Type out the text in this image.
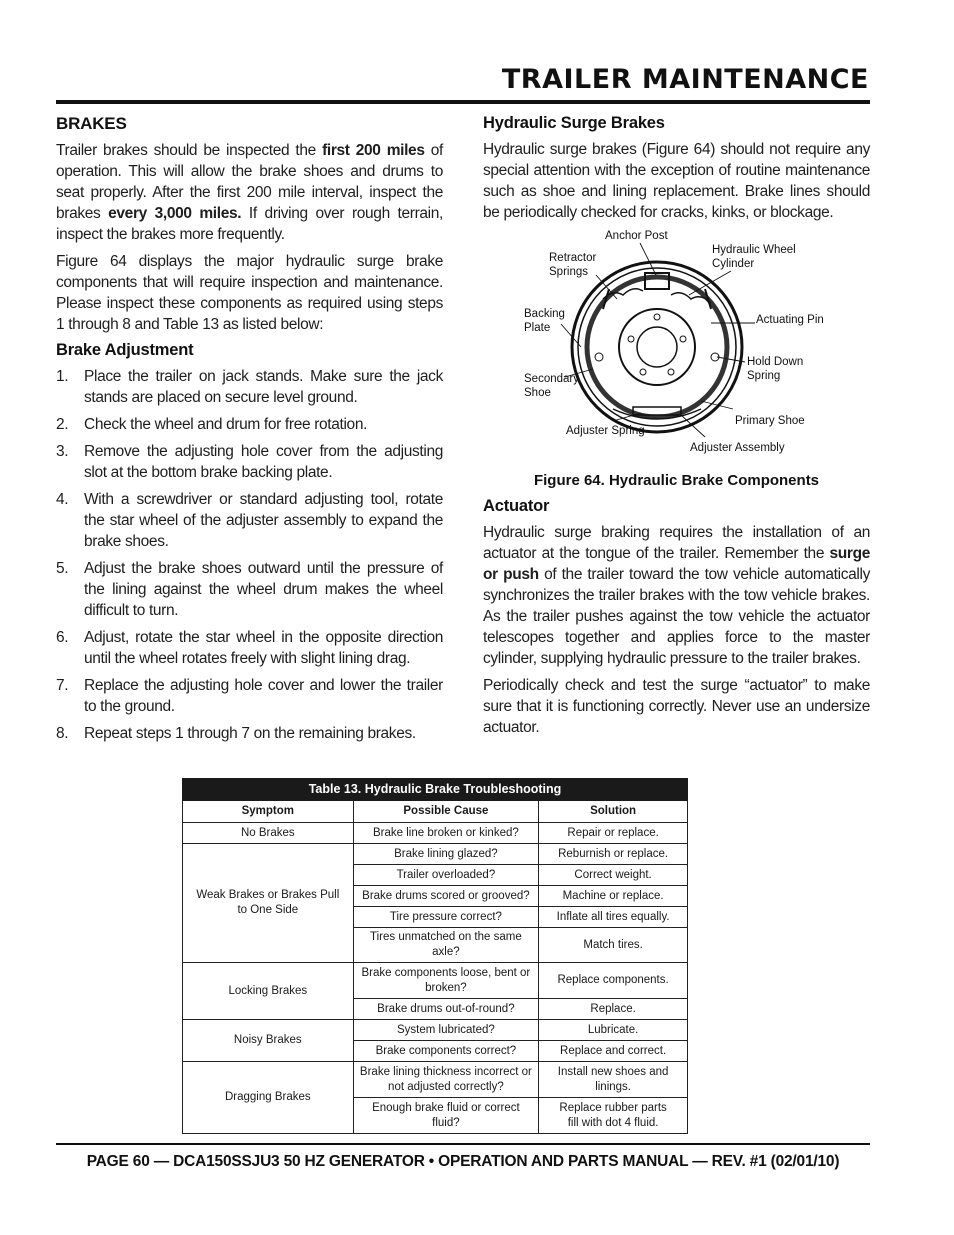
TRAILER MAINTENANCE
BRAKES

Trailer brakes should be inspected the first 200 miles of operation. This will allow the brake shoes and drums to seat properly. After the first 200 mile interval, inspect the brakes every 3,000 miles. If driving over rough terrain, inspect the brakes more frequently.

Figure 64 displays the major hydraulic surge brake components that will require inspection and maintenance. Please inspect these components as required using steps 1 through 8 and Table 13 as listed below:

Brake Adjustment
1.	Place the trailer on jack stands. Make sure the jack stands are placed on secure level ground.
2.	Check the wheel and drum for free rotation.
3.	Remove the adjusting hole cover from the adjusting slot at the bottom brake backing plate.
4.	With a screwdriver or standard adjusting tool, rotate the star wheel of the adjuster assembly to expand the brake shoes.
5.	Adjust the brake shoes outward until the pressure of the lining against the wheel drum makes the wheel difficult to turn.
6.	Adjust, rotate the star wheel in the opposite direction until the wheel rotates freely with slight lining drag.
7.	Replace the adjusting hole cover and lower the trailer to the ground.
8.	Repeat steps 1 through 7 on the remaining brakes.
Hydraulic Surge Brakes

Hydraulic surge brakes (Figure 64) should not require any special attention with the exception of routine maintenance such as shoe and lining replacement. Brake lines should be periodically checked for cracks, kinks, or blockage.

Anchor Post
Retractor
Springs
Hydraulic Wheel
Cylinder
Backing
Plate
Actuating Pin
Hold Down
Spring
Secondary
Shoe
Primary Shoe
Adjuster Spring
Adjuster Assembly
Figure 64. Hydraulic Brake Components
Actuator

Hydraulic surge braking requires the installation of an actuator at the tongue of the trailer. Remember the surge or push of the trailer toward the tow vehicle automatically synchronizes the trailer brakes with the tow vehicle brakes. As the trailer pushes against the tow vehicle the actuator telescopes together and applies force to the master cylinder, supplying hydraulic pressure to the trailer brakes.

Periodically check and test the surge “actuator” to make sure that it is functioning correctly. Never use an undersize actuator.

Table 13. Hydraulic Brake Troubleshooting		
Symptom	Possible Cause	Solution
No Brakes	Brake line broken or kinked?	Repair or replace.
Weak Brakes or Brakes Pull to One Side	Brake lining glazed?	Reburnish or replace.
	Trailer overloaded?	Correct weight.
	Brake drums scored or grooved?	Machine or replace.
	Tire pressure correct?	Inflate all tires equally.
	Tires unmatched on the same axle?	Match tires.
Locking Brakes	Brake components loose, bent or broken?	Replace components.
	Brake drums out-of-round?	Replace.
Noisy Brakes	System lubricated?	Lubricate.
	Brake components correct?	Replace and correct.
Dragging Brakes	Brake lining thickness incorrect or not adjusted correctly?	Install new shoes and linings.
	Enough brake fluid or correct fluid?	Replace rubber parts fill with dot 4 fluid.
PAGE 60 — DCA150SSJU3 50 HZ GENERATOR • OPERATION AND PARTS MANUAL — REV. #1 (02/01/10)
